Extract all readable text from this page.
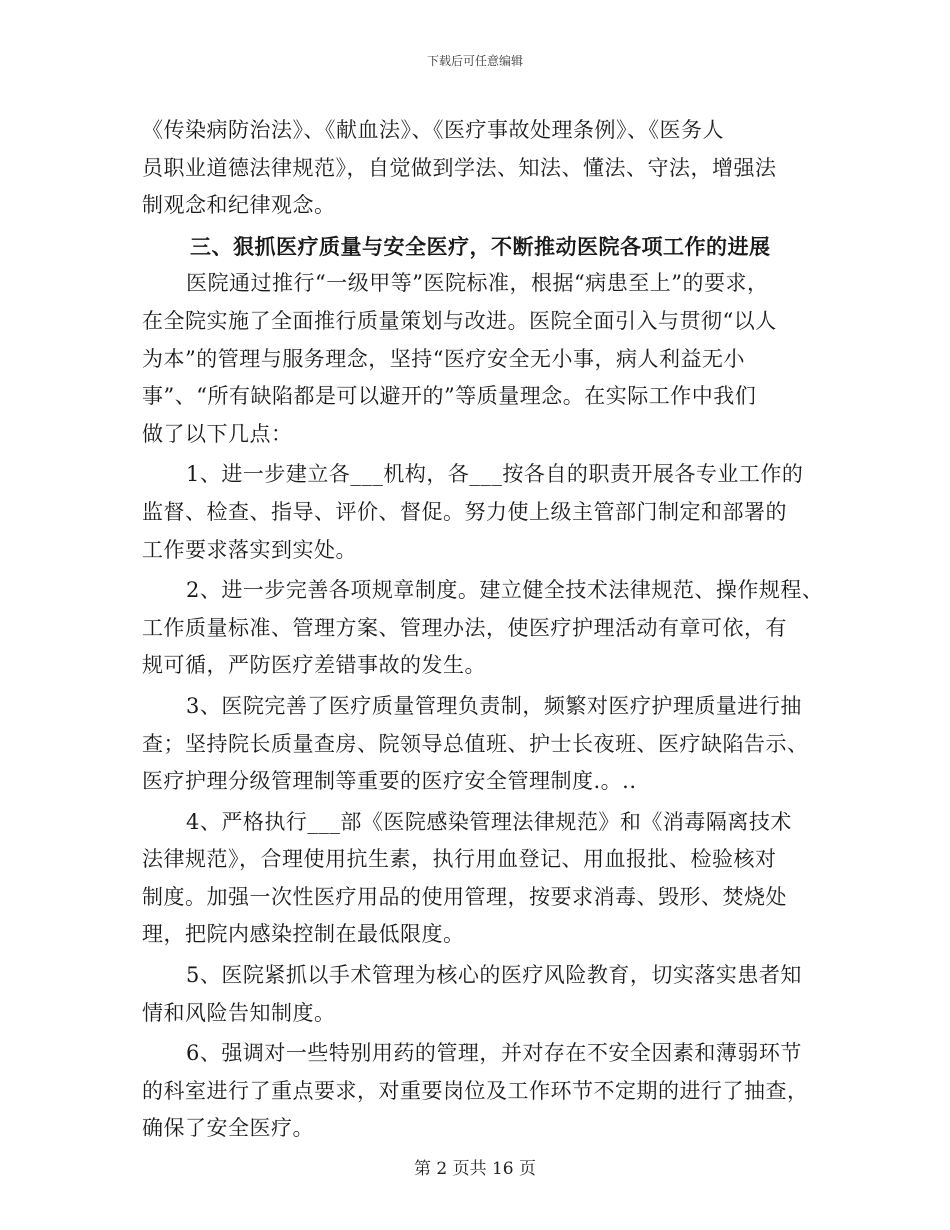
下载后可任意编辑
《传染病防治法》、《献血法》、《医疗事故处理条例》、《医务人
员职业道德法律规范》，自觉做到学法、知法、懂法、守法，增强法
制观念和纪律观念。
三、狠抓医疗质量与安全医疗，不断推动医院各项工作的进展
医院通过推行“一级甲等”医院标准，根据“病患至上”的要求，
在全院实施了全面推行质量策划与改进。医院全面引入与贯彻“以人
为本”的管理与服务理念，坚持“医疗安全无小事，病人利益无小
事”、“所有缺陷都是可以避开的”等质量理念。在实际工作中我们
做了以下几点：
1、进一步建立各___机构，各___按各自的职责开展各专业工作的
监督、检查、指导、评价、督促。努力使上级主管部门制定和部署的
工作要求落实到实处。
2、进一步完善各项规章制度。建立健全技术法律规范、操作规程、
工作质量标准、管理方案、管理办法，使医疗护理活动有章可依，有
规可循，严防医疗差错事故的发生。
3、医院完善了医疗质量管理负责制，频繁对医疗护理质量进行抽
查；坚持院长质量查房、院领导总值班、护士长夜班、医疗缺陷告示、
医疗护理分级管理制等重要的医疗安全管理制度.。..
4、严格执行___部《医院感染管理法律规范》和《消毒隔离技术
法律规范》，合理使用抗生素，执行用血登记、用血报批、检验核对
制度。加强一次性医疗用品的使用管理，按要求消毒、毁形、焚烧处
理，把院内感染控制在最低限度。
5、医院紧抓以手术管理为核心的医疗风险教育，切实落实患者知
情和风险告知制度。
6、强调对一些特别用药的管理，并对存在不安全因素和薄弱环节
的科室进行了重点要求，对重要岗位及工作环节不定期的进行了抽查，
确保了安全医疗。
第 2 页共 16 页
